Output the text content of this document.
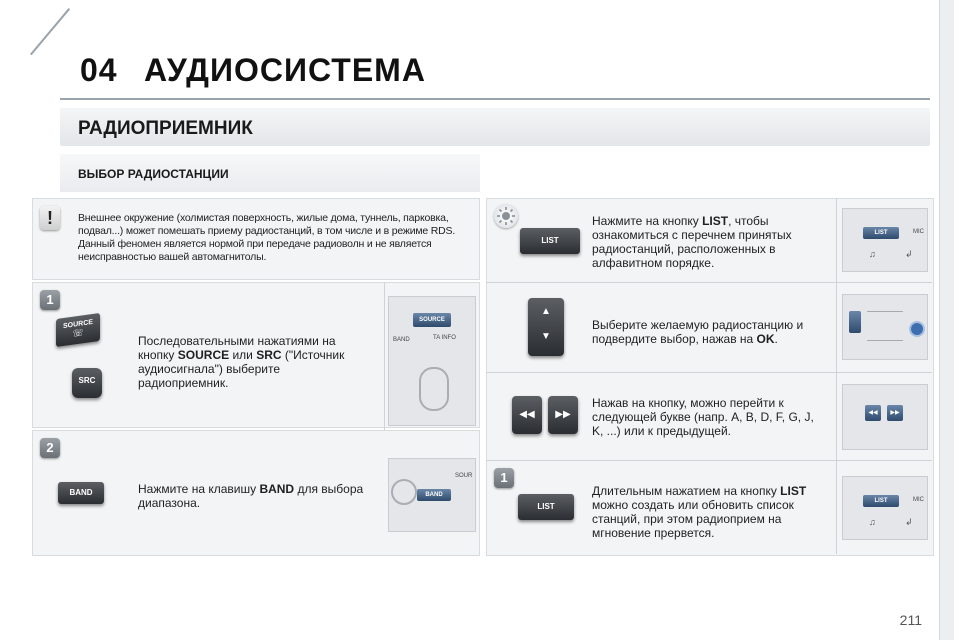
04 АУДИОСИСТЕМА
РАДИОПРИЕМНИК
ВЫБОР РАДИОСТАНЦИИ
!	Внешнее окружение (холмистая поверхность, жилые дома, туннель, парковка, подвал...) может помешать приему радиостанций, в том числе и в режиме RDS. Данный феномен является нормой при передаче радиоволн и не является неисправностью вашей автомагнитолы.
1
SOURCE
☏
SRC
Последовательными нажатиями на кнопку SOURCE или SRC ("Источник аудиосигнала") выберите радиоприемник.
SOURCE
BAND	TA INFO
2
BAND	Нажмите на клавишу BAND для выбора диапазона.
BAND
SOUR
LIST
Нажмите на кнопку LIST, чтобы ознакомиться с перечнем принятых радиостанций, расположенных в алфавитном порядке.
LIST	MIC
♫	↲
▲
▼
Выберите желаемую радиостанцию и подвердите выбор, нажав на OK.
◀◀	▶▶
Нажав на кнопку, можно перейти к следующей букве (напр. A, B, D, F, G, J, K, ...) или к предыдущей.
◀◀	▶▶
1
LIST
Длительным нажатием на кнопку LIST можно создать или обновить список станций, при этом радиоприем на мгновение прервется.
LIST	MIC
♫	↲
211
